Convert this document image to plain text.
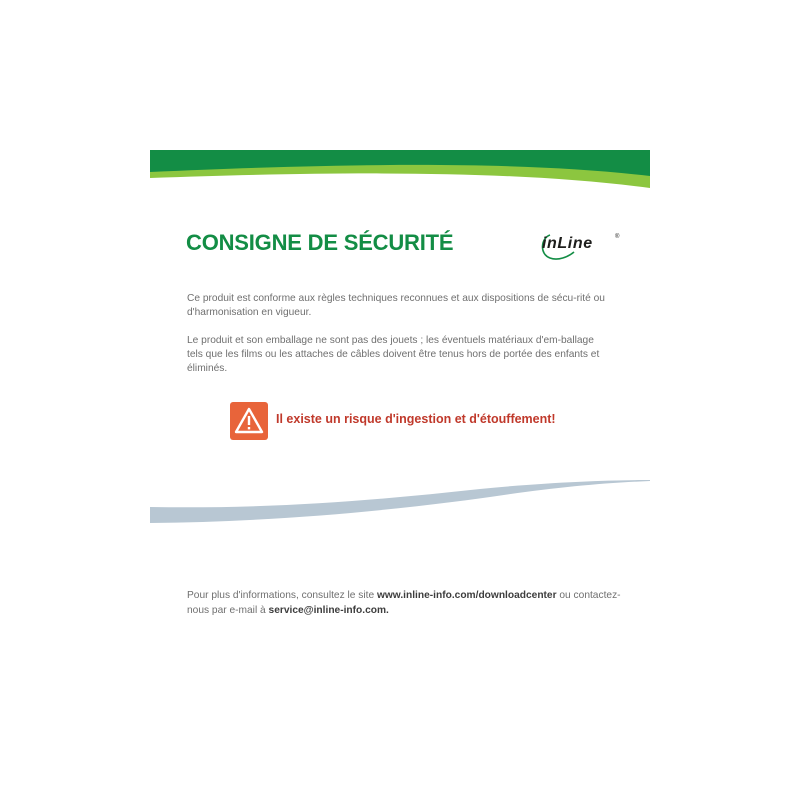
CONSIGNE DE SÉCURITÉ	inLine	®

Ce produit est conforme aux règles techniques reconnues et aux dispositions de sécu-rité ou d'harmonisation en vigueur.

Le produit et son emballage ne sont pas des jouets ; les éventuels matériaux d'em-ballage tels que les films ou les attaches de câbles doivent être tenus hors de portée des enfants et éliminés.

Il existe un risque d'ingestion et d'étouffement!

Pour plus d'informations, consultez le site www.inline-info.com/downloadcenter ou contactez-nous par e-mail à service@inline-info.com.
